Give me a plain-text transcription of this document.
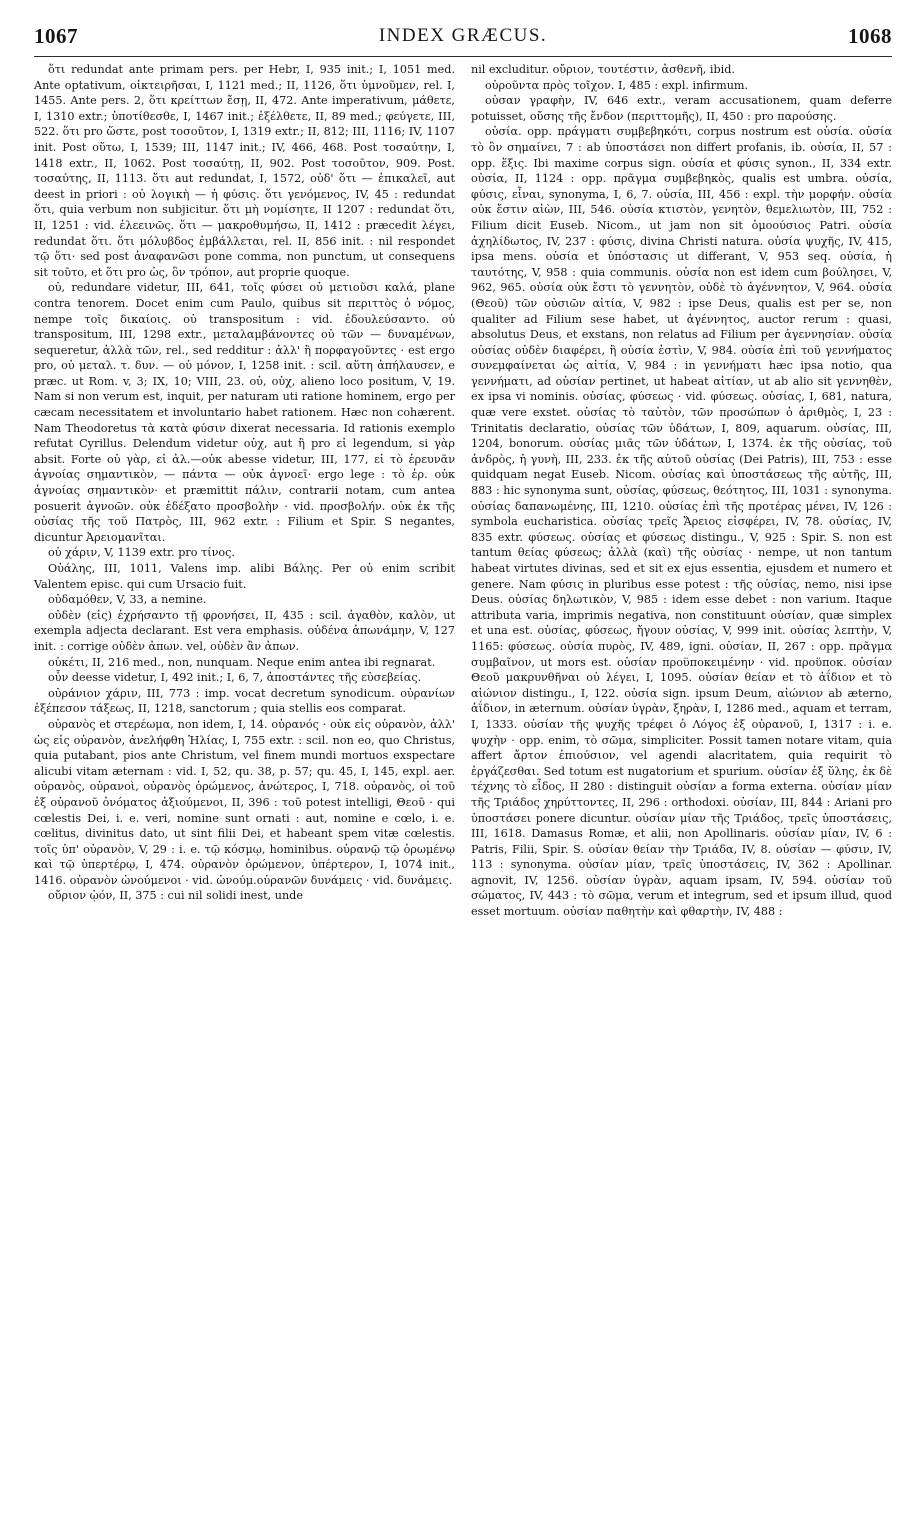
1067	INDEX GRÆCUS.	1068

ὅτι redundat ante primam pers. per Hebr, I, 935 init.; I, 1051 med. Ante optativum, οἰκτειρῆσαι, I, 1121 med.; II, 1126, ὅτι ὑμνοῦμεν, rel. I, 1455. Ante pers. 2, ὅτι κρείττων ἔσῃ, II, 472. Ante imperativum, μάθετε, I, 1310 extr.; ὑποτίθεσθε, I, 1467 init.; ἐξέλθετε, II, 89 med.; φεύγετε, III, 522. ὅτι pro ὥστε, post τοσοῦτον, I, 1319 extr.; II, 812; III, 1116; IV, 1107 init. Post οὕτω, I, 1539; III, 1147 init.; IV, 466, 468. Post τοσαύτην, I, 1418 extr., II, 1062. Post τοσαύτῃ, II, 902. Post τοσοῦτον, 909. Post. τοσαύτης, II, 1113. ὅτι aut redundat, I, 1572, οὐδ' ὅτι — ἐπικαλεῖ, aut deest in priori : οὐ λογικὴ — ἡ φύσις. ὅτι γενόμενος, IV, 45 : redundat ὅτι, quia verbum non subjicitur. ὅτι μὴ νομίσητε, II 1207 : redundat ὅτι, II, 1251 : vid. ἐλεεινῶς. ὅτι — μακροθυμήσω, II, 1412 : præcedit λέγει, redundat ὅτι. ὅτι μόλυβδος ἐμβάλλεται, rel. II, 856 init. : nil respondet τῷ ὅτι· sed post ἀναφανῶσι pone comma, non punctum, ut consequens sit τοῦτο, et ὅτι pro ὡς, ὃν τρόπον, aut proprie quoque.

οὐ, redundare videtur, III, 641, τοῖς φύσει οὐ μετιοῦσι καλά, plane contra tenorem. Docet enim cum Paulo, quibus sit περιττὸς ὁ νόμος, nempe τοῖς δικαίοις. οὐ transpositum : vid. ἐδουλεύσαντο. οὐ transpositum, III, 1298 extr., μεταλαμβάνοντες οὐ τῶν — δυναμένων, sequeretur, ἀλλὰ τῶν, rel., sed redditur : ἀλλ' ἢ πορφαγοῦντες · est ergo pro, οὐ μεταλ. τ. δυν. — οὐ μόνον, I, 1258 init. : scil. αὕτη ἀπήλαυσεν, e præc. ut Rom. v, 3; IX, 10; VIII, 23. οὐ, οὐχ, alieno loco positum, V, 19. Nam si non verum est, inquit, per naturam uti ratione hominem, ergo per cæcam necessitatem et involuntario habet rationem. Hæc non cohærent. Nam Theodoretus τὰ κατὰ φύσιν dixerat necessaria. Id rationis exemplo refutat Cyrillus. Delendum videtur οὐχ, aut ἢ pro εἰ legendum, si γὰρ absit. Forte οὐ γὰρ, εἰ ἀλ.—οὐκ abesse videtur, III, 177, εἰ τὸ ἐρευνᾶν ἀγνοίας σημαντικὸν, — πάντα — οὐκ ἀγνοεῖ· ergo lege : τὸ ἐρ. οὐκ ἀγνοίας σημαντικὸν· et præmittit πάλιν, contrarii notam, cum antea posuerit ἀγνοῶν. οὐκ ἐδέξατο προσβολὴν · vid. προσβολήν. οὐκ ἐκ τῆς οὐσίας τῆς τοῦ Πατρὸς, III, 962 extr. : Filium et Spir. S negantes, dicuntur Ἀρειομανῖται.

οὐ χάριν, V, 1139 extr. pro τίνος.

Οὐάλης, III, 1011, Valens imp. alibi Βάλης. Per οὐ enim scribit Valentem episc. qui cum Ursacio fuit.

οὐδαμόθεν, V, 33, a nemine.

οὐδὲν (εἰς) ἐχρήσαντο τῇ φρονήσει, II, 435 : scil. ἀγαθὸν, καλὸν, ut exempla adjecta declarant. Est vera emphasis. οὐδένα ἀπωνάμην, V, 127 init. : corrige οὐδὲν ἀπων. vel, οὐδὲν ἂν ἀπων.

οὐκέτι, II, 216 med., non, nunquam. Neque enim antea ibi regnarat.

οὖν deesse videtur, I, 492 init.; I, 6, 7, ἀποστάντες τῆς εὐσεβείας.

οὐράνιον χάριν, III, 773 : imp. vocat decretum synodicum. οὐρανίων ἐξέπεσον τάξεως, II, 1218, sanctorum ; quia stellis eos comparat.

οὐρανὸς et στερέωμα, non idem, I, 14. οὐρανός · οὐκ εἰς οὐρανὸν, ἀλλ' ὡς εἰς οὐρανὸν, ἀνελήφθη Ἡλίας, I, 755 extr. : scil. non eo, quo Christus, quia putabant, pios ante Christum, vel finem mundi mortuos exspectare alicubi vitam æternam : vid. I, 52, qu. 38, p. 57; qu. 45, I, 145, expl. aer. οὐρανὸς, οὐρανοὶ, οὐρανὸς ὁρώμενος, ἀνώτερος, I, 718. οὐρανὸς, οἱ τοῦ ἐξ οὐρανοῦ ὀνόματος ἀξιούμενοι, II, 396 : τοῦ potest intelligi, Θεοῦ · qui cœlestis Dei, i. e. veri, nomine sunt ornati : aut, nomine e cœlo, i. e. cœlitus, divinitus dato, ut sint filii Dei, et habeant spem vitæ cœlestis. τοῖς ὑπ' οὐρανὸν, V, 29 : i. e. τῷ κόσμῳ, hominibus. οὐρανῷ τῷ ὁρωμένῳ καὶ τῷ ὑπερτέρῳ, I, 474. οὐρανὸν ὁρώμενον, ὑπέρτερον, I, 1074 init., 1416. οὐρανὸν ὠνούμενοι · vid. ὠνούμ.οὐρανῶν δυνάμεις · vid. δυνάμεις.

οὔριον ᾠόν, II, 375 : cui nil solidi inest, unde

nil excluditur. οὔριον, τουτέστιν, ἀσθενῆ, ibid.

οὐροῦντα πρὸς τοῖχον. I, 485 : expl. infirmum.

οὐσαν γραφὴν, IV, 646 extr., veram accusationem, quam deferre potuisset, οὔσης τῆς ἔνδον (περιττομῆς), II, 450 : pro παρούσης.

οὐσία. opp. πράγματι συμβεβηκότι, corpus nostrum est οὐσία. οὐσία τὸ ὂν σημαίνει, 7 : ab ὑποστάσει non differt profanis, ib. οὐσία, II, 57 : opp. ἕξις. Ibi maxime corpus sign. οὐσία et φύσις synon., II, 334 extr. οὐσία, II, 1124 : opp. πρᾶγμα συμβεβηκὸς, qualis est umbra. οὐσία, φύσις, εἶναι, synonyma, I, 6, 7. οὐσία, III, 456 : expl. τὴν μορφήν. οὐσία οὐκ ἔστιν αἰὼν, III, 546. οὐσία κτιστὸν, γενητὸν, θεμελιωτὸν, III, 752 : Filium dicit Euseb. Nicom., ut jam non sit ὁμοούσιος Patri. οὐσία ἀχηλίδωτος, IV, 237 : φύσις, divina Christi natura. οὐσία ψυχῆς, IV, 415, ipsa mens. οὐσία et ὑπόστασις ut differant, V, 953 seq. οὐσία, ἡ ταυτότης, V, 958 : quia communis. οὐσία non est idem cum βούλησει, V, 962, 965. οὐσία οὐκ ἔστι τὸ γεννητὸν, οὐδὲ τὸ ἀγέννητον, V, 964. οὐσία (Θεοῦ) τῶν οὐσιῶν αἰτία, V, 982 : ipse Deus, qualis est per se, non qualiter ad Filium sese habet, ut ἀγέννητος, auctor rerum : quasi, absolutus Deus, et exstans, non relatus ad Filium per ἀγεννησίαν. οὐσία οὐσίας οὐδὲν διαφέρει, ἢ οὐσία ἐστὶν, V, 984. οὐσία ἐπὶ τοῦ γεννήματος συνεμφαίνεται ὡς αἰτία, V, 984 : in γεννήματι hæc ipsa notio, qua γεννήματι, ad οὐσίαν pertinet, ut habeat αἰτίαν, ut ab alio sit γεννηθὲν, ex ipsa vi nominis. οὐσίας, φύσεως · vid. φύσεως. οὐσίας, I, 681, natura, quæ vere exstet. οὐσίας τὸ ταὐτὸν, τῶν προσώπων ὁ ἀριθμὸς, I, 23 : Trinitatis declaratio, οὐσίας τῶν ὑδάτων, I, 809, aquarum. οὐσίας, III, 1204, bonorum. οὐσίας μιᾶς τῶν ὑδάτων, I, 1374. ἐκ τῆς οὐσίας, τοῦ ἀνδρὸς, ἡ γυνὴ, III, 233. ἐκ τῆς αὐτοῦ οὐσίας (Dei Patris), III, 753 : esse quidquam negat Euseb. Nicom. οὐσίας καὶ ὑποστάσεως τῆς αὐτῆς, III, 883 : hic synonyma sunt, οὐσίας, φύσεως, θεότητος, III, 1031 : synonyma. οὐσίας δαπανωμένης, III, 1210. οὐσίας ἐπὶ τῆς προτέρας μένει, IV, 126 : symbola eucharistica. οὐσίας τρεῖς Ἄρειος εἰσφέρει, IV, 78. οὐσίας, IV, 835 extr. φύσεως. οὐσίας et φύσεως distingu., V, 925 : Spir. S. non est tantum θείας φύσεως; ἀλλὰ (καὶ) τῆς οὐσίας · nempe, ut non tantum habeat virtutes divinas, sed et sit ex ejus essentia, ejusdem et numero et genere. Nam φύσις in pluribus esse potest : τῆς οὐσίας, nemo, nisi ipse Deus. οὐσίας δηλωτικὸν, V, 985 : idem esse debet : non varium. Itaque attributa varia, imprimis negativa, non constituunt οὐσίαν, quæ simplex et una est. οὐσίας, φύσεως, ἤγουν οὐσίας, V, 999 init. οὐσίας λεπτὴν, V, 1165: φύσεως. οὐσία πυρὸς, IV, 489, igni. οὐσίαν, II, 267 : opp. πρᾶγμα συμβαῖνον, ut mors est. οὐσίαν προϋποκειμένην · vid. προϋποκ. οὐσίαν Θεοῦ μακρυνθῆναι οὐ λέγει, I, 1095. οὐσίαν θείαν et τὸ ἀΐδιον et τὸ αἰώνιον distingu., I, 122. οὐσία sign. ipsum Deum, αἰώνιον ab æterno, ἀΐδιον, in æternum. οὐσίαν ὑγρὰν, ξηρὰν, I, 1286 med., aquam et terram, I, 1333. οὐσίαν τῆς ψυχῆς τρέφει ὁ Λόγος ἐξ οὐρανοῦ, I, 1317 : i. e. ψυχὴν · opp. enim, τὸ σῶμα, simpliciter. Possit tamen notare vitam, quia affert ἄρτον ἐπιούσιον, vel agendi alacritatem, quia requirit τὸ ἐργάζεσθαι. Sed totum est nugatorium et spurium. οὐσίαν ἐξ ὕλης, ἐκ δὲ τέχνης τὸ εἶδος, II 280 : distinguit οὐσίαν a forma externa. οὐσίαν μίαν τῆς Τριάδος χηρύττοντες, II, 296 : orthodoxi. οὐσίαν, III, 844 : Ariani pro ὑποστάσει ponere dicuntur. οὐσίαν μίαν τῆς Τριάδος, τρεῖς ὑποστάσεις, III, 1618. Damasus Romæ, et alii, non Apollinaris. οὐσίαν μίαν, IV, 6 : Patris, Filii, Spir. S. οὐσίαν θείαν τὴν Τριάδα, IV, 8. οὐσίαν — φύσιν, IV, 113 : synonyma. οὐσίαν μίαν, τρεῖς ὑποστάσεις, IV, 362 : Apollinar. agnovit, IV, 1256. οὐσίαν ὑγρὰν, aquam ipsam, IV, 594. οὐσίαν τοῦ σώματος, IV, 443 : τὸ σῶμα, verum et integrum, sed et ipsum illud, quod esset mortuum. οὐσίαν παθητὴν καὶ φθαρτὴν, IV, 488 :
